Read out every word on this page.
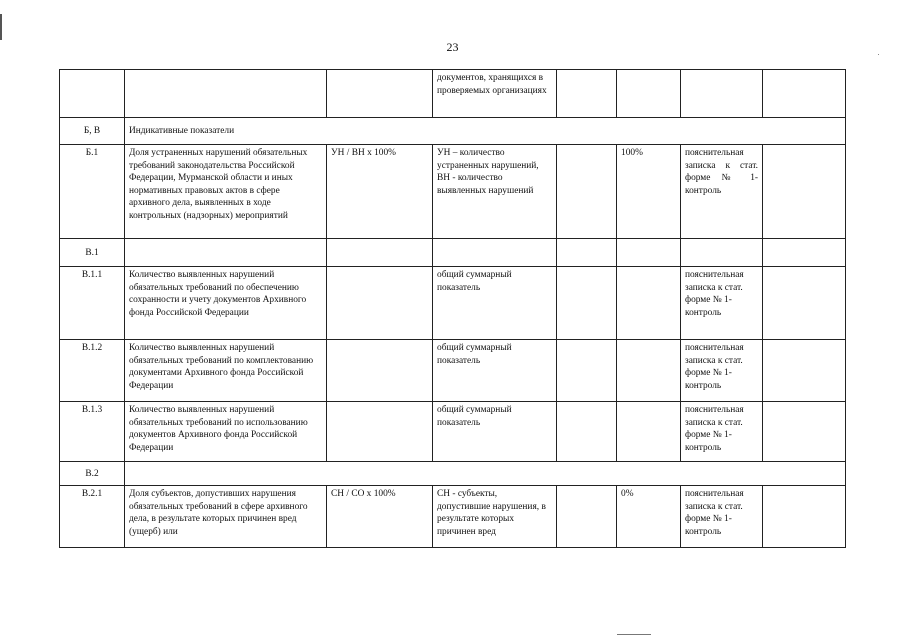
23
			документов, хранящихся в проверяемых организациях				
Б, В	Индикативные показатели						
Б.1	Доля устраненных нарушений обязательных требований законодательства Российской Федерации, Мурманской области и иных нормативных правовых актов в сфере архивного дела, выявленных в ходе контрольных (надзорных) мероприятий	УН / ВН х 100%	УН – количество устраненных нарушений, ВН - количество выявленных нарушений		100%	пояснительная записка к стат. форме № 1-контроль	
В.1							
В.1.1	Количество выявленных нарушений обязательных требований по обеспечению сохранности и учету документов Архивного фонда Российской Федерации		общий суммарный показатель			пояснительная записка к стат. форме № 1-контроль	
В.1.2	Количество выявленных нарушений обязательных требований по комплектованию документами Архивного фонда Российской Федерации		общий суммарный показатель			пояснительная записка к стат. форме № 1-контроль	
В.1.3	Количество выявленных нарушений обязательных требований по использованию документов Архивного фонда Российской Федерации		общий суммарный показатель			пояснительная записка к стат. форме № 1-контроль	
В.2							
В.2.1	Доля субъектов, допустивших нарушения обязательных требований в сфере архивного дела, в результате которых причинен вред (ущерб) или	СН / СО х 100%	СН - субъекты, допустившие нарушения, в результате которых причинен вред		0%	пояснительная записка к стат. форме № 1-контроль	
